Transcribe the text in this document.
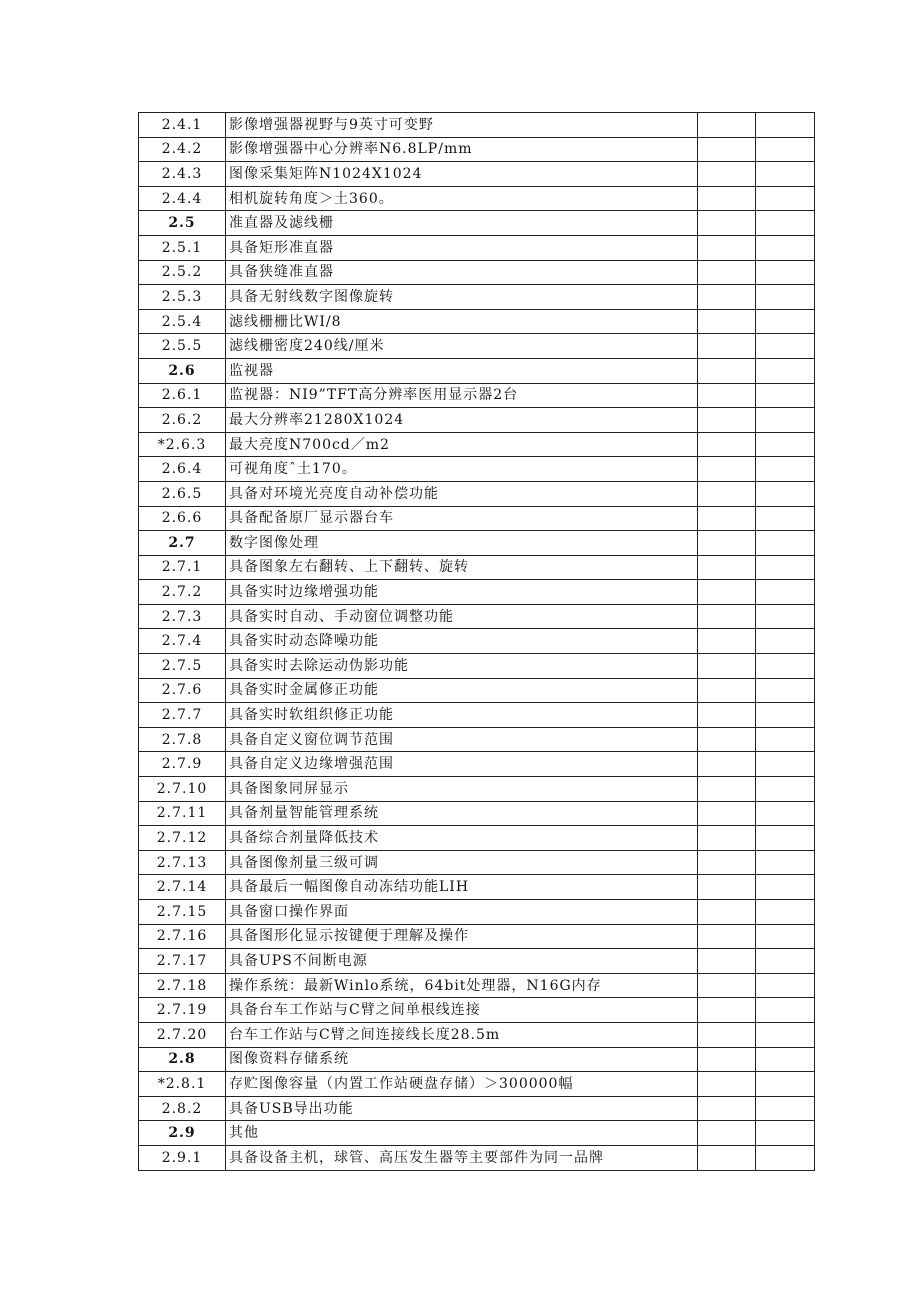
2.4.1	影像增强器视野与9英寸可变野		
2.4.2	影像增强器中心分辨率N6.8LP/mm		
2.4.3	图像采集矩阵N1024X1024		
2.4.4	相机旋转角度＞土360。		
2.5	准直器及滤线栅		
2.5.1	具备矩形准直器		
2.5.2	具备狭缝准直器		
2.5.3	具备无射线数字图像旋转		
2.5.4	滤线栅栅比WI/8		
2.5.5	滤线栅密度240线/厘米		
2.6	监视器		
2.6.1	监视器：NI9”TFT高分辨率医用显示器2台		
2.6.2	最大分辨率21280X1024		
*2.6.3	最大亮度N700cd／m2		
2.6.4	可视角度ˆ土170。		
2.6.5	具备对环境光亮度自动补偿功能		
2.6.6	具备配备原厂显示器台车		
2.7	数字图像处理		
2.7.1	具备图象左右翻转、上下翻转、旋转		
2.7.2	具备实时边缘增强功能		
2.7.3	具备实时自动、手动窗位调整功能		
2.7.4	具备实时动态降噪功能		
2.7.5	具备实时去除运动伪影功能		
2.7.6	具备实时金属修正功能		
2.7.7	具备实时软组织修正功能		
2.7.8	具备自定义窗位调节范围		
2.7.9	具备自定义边缘增强范围		
2.7.10	具备图象同屏显示		
2.7.11	具备剂量智能管理系统		
2.7.12	具备综合剂量降低技术		
2.7.13	具备图像剂量三级可调		
2.7.14	具备最后一幅图像自动冻结功能LIH		
2.7.15	具备窗口操作界面		
2.7.16	具备图形化显示按键便于理解及操作		
2.7.17	具备UPS不间断电源		
2.7.18	操作系统：最新Winlo系统，64bit处理器，N16G内存		
2.7.19	具备台车工作站与C臂之间单根线连接		
2.7.20	台车工作站与C臂之间连接线长度28.5m		
2.8	图像资料存储系统		
*2.8.1	存贮图像容量（内置工作站硬盘存储）＞300000幅		
2.8.2	具备USB导出功能		
2.9	其他		
2.9.1	具备设备主机，球管、高压发生器等主要部件为同一品牌		
